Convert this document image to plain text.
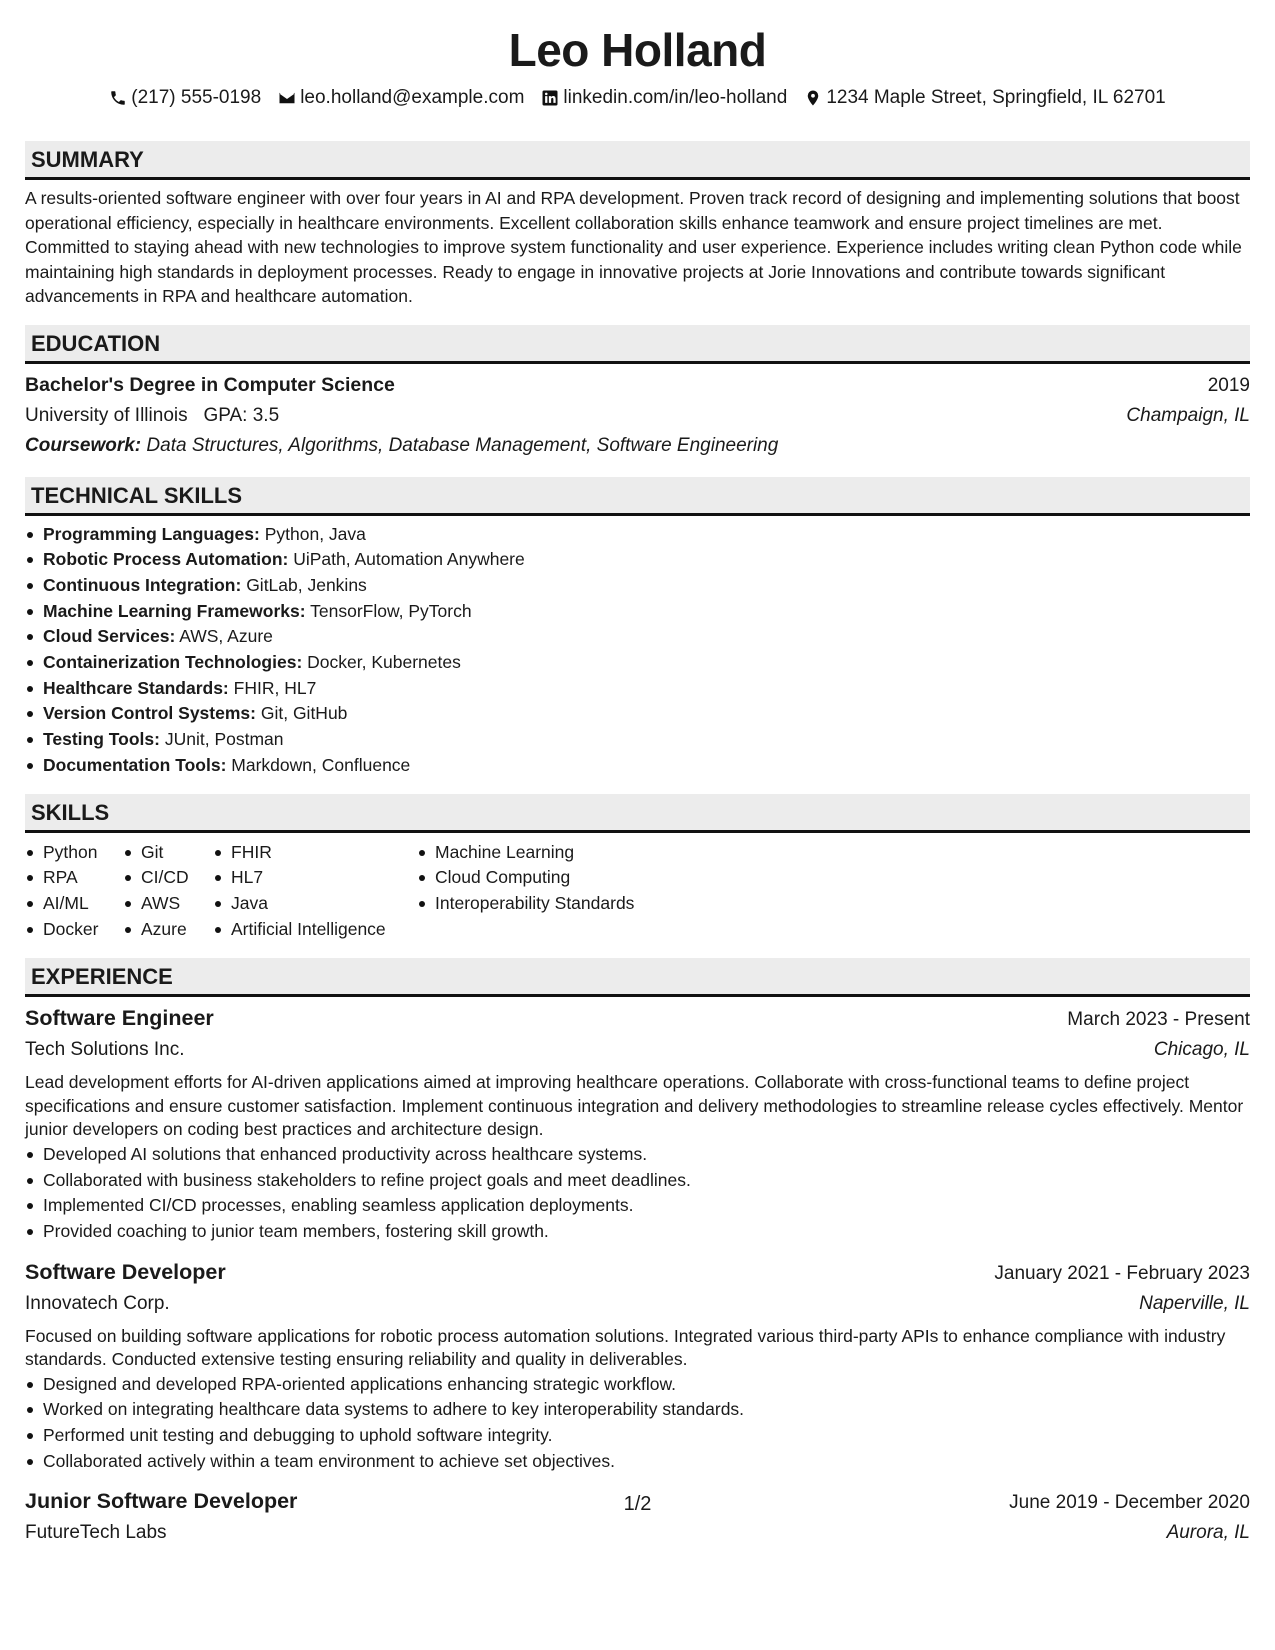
Leo Holland
(217) 555-0198 leo.holland@example.com linkedin.com/in/leo-holland 1234 Maple Street, Springfield, IL 62701
SUMMARY
A results-oriented software engineer with over four years in AI and RPA development. Proven track record of designing and implementing solutions that boost operational efficiency, especially in healthcare environments. Excellent collaboration skills enhance teamwork and ensure project timelines are met. Committed to staying ahead with new technologies to improve system functionality and user experience. Experience includes writing clean Python code while maintaining high standards in deployment processes. Ready to engage in innovative projects at Jorie Innovations and contribute towards significant advancements in RPA and healthcare automation.
EDUCATION
Bachelor's Degree in Computer Science	2019
University of Illinois GPA: 3.5	Champaign, IL
Coursework: Data Structures, Algorithms, Database Management, Software Engineering
TECHNICAL SKILLS
Programming Languages: Python, Java
Robotic Process Automation: UiPath, Automation Anywhere
Continuous Integration: GitLab, Jenkins
Machine Learning Frameworks: TensorFlow, PyTorch
Cloud Services: AWS, Azure
Containerization Technologies: Docker, Kubernetes
Healthcare Standards: FHIR, HL7
Version Control Systems: Git, GitHub
Testing Tools: JUnit, Postman
Documentation Tools: Markdown, Confluence
SKILLS
Python
RPA
AI/ML
Docker
Git
CI/CD
AWS
Azure
FHIR
HL7
Java
Artificial Intelligence
Machine Learning
Cloud Computing
Interoperability Standards
EXPERIENCE
Software Engineer	March 2023 - Present
Tech Solutions Inc.	Chicago, IL
Lead development efforts for AI-driven applications aimed at improving healthcare operations. Collaborate with cross-functional teams to define project specifications and ensure customer satisfaction. Implement continuous integration and delivery methodologies to streamline release cycles effectively. Mentor junior developers on coding best practices and architecture design.
Developed AI solutions that enhanced productivity across healthcare systems.
Collaborated with business stakeholders to refine project goals and meet deadlines.
Implemented CI/CD processes, enabling seamless application deployments.
Provided coaching to junior team members, fostering skill growth.
Software Developer	January 2021 - February 2023
Innovatech Corp.	Naperville, IL
Focused on building software applications for robotic process automation solutions. Integrated various third-party APIs to enhance compliance with industry standards. Conducted extensive testing ensuring reliability and quality in deliverables.
Designed and developed RPA-oriented applications enhancing strategic workflow.
Worked on integrating healthcare data systems to adhere to key interoperability standards.
Performed unit testing and debugging to uphold software integrity.
Collaborated actively within a team environment to achieve set objectives.
Junior Software Developer	June 2019 - December 2020
FutureTech Labs	Aurora, IL
1/2
